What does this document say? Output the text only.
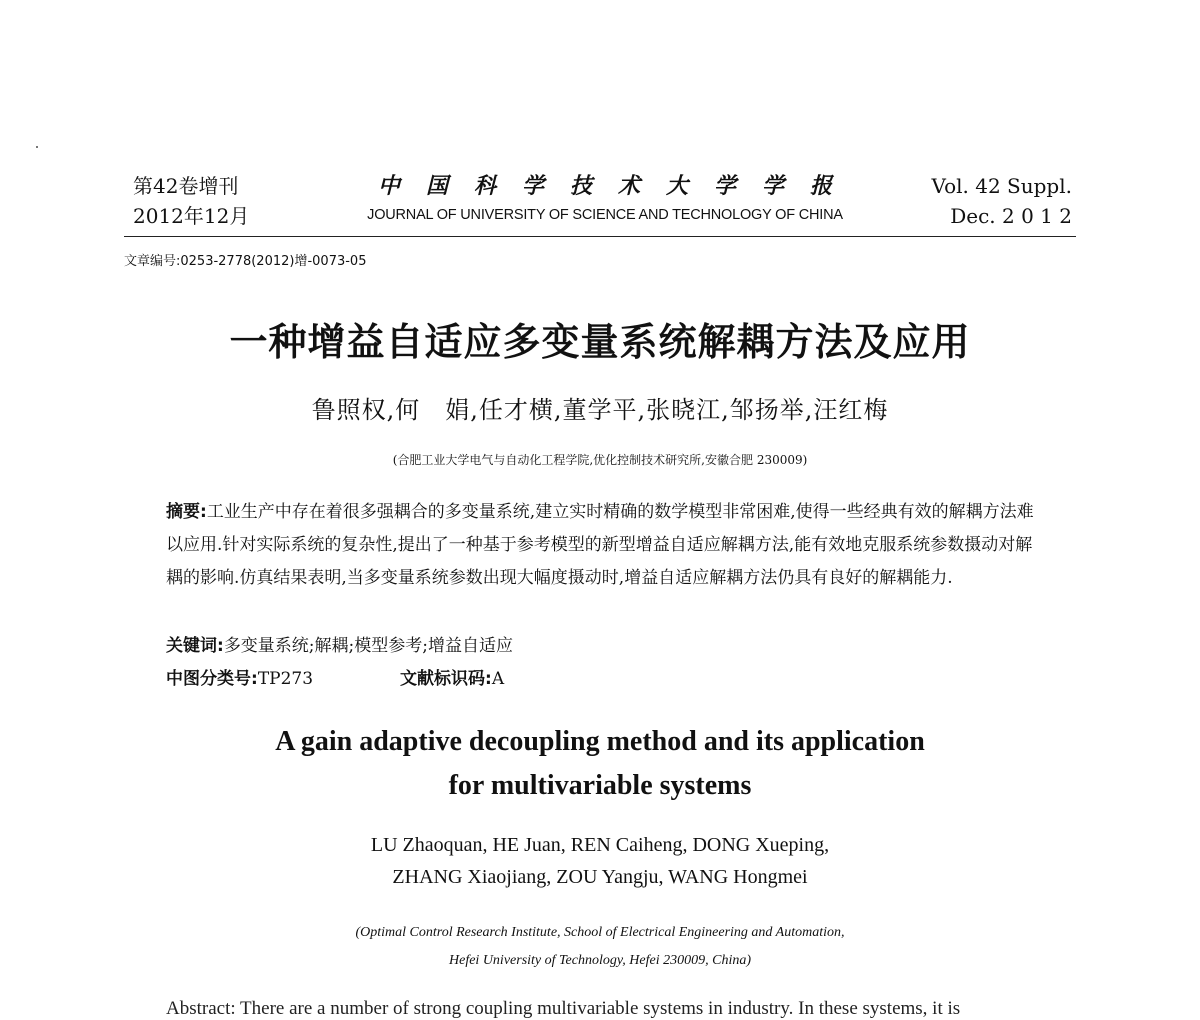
第42卷增刊
2012年12月
中国科学技术大学学报
JOURNAL OF UNIVERSITY OF SCIENCE AND TECHNOLOGY OF CHINA
Vol. 42 Suppl.
Dec. 2 0 1 2
文章编号:0253-2778(2012)增-0073-05
一种增益自适应多变量系统解耦方法及应用
鲁照权,何　娟,任才横,董学平,张晓江,邹扬举,汪红梅
(合肥工业大学电气与自动化工程学院,优化控制技术研究所,安徽合肥 230009)
摘要:工业生产中存在着很多强耦合的多变量系统,建立实时精确的数学模型非常困难,使得一些经典有效的解耦方法难以应用.针对实际系统的复杂性,提出了一种基于参考模型的新型增益自适应解耦方法,能有效地克服系统参数摄动对解耦的影响.仿真结果表明,当多变量系统参数出现大幅度摄动时,增益自适应解耦方法仍具有良好的解耦能力.
关键词:多变量系统;解耦;模型参考;增益自适应
中图分类号:TP273	文献标识码:A
A gain adaptive decoupling method and its application
for multivariable systems
LU Zhaoquan, HE Juan, REN Caiheng, DONG Xueping,
ZHANG Xiaojiang, ZOU Yangju, WANG Hongmei
(Optimal Control Research Institute, School of Electrical Engineering and Automation,
Hefei University of Technology, Hefei 230009, China)
Abstract: There are a number of strong coupling multivariable systems in industry. In these systems, it is
